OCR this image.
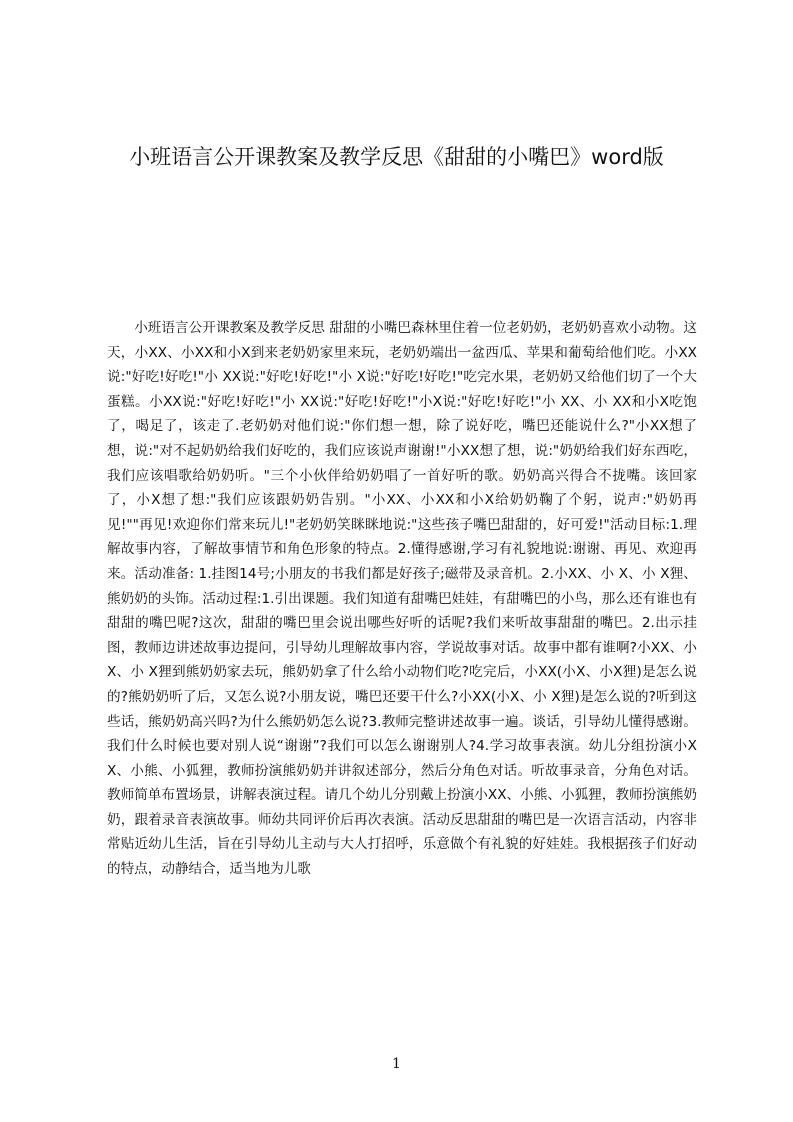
小班语言公开课教案及教学反思《甜甜的小嘴巴》word版

小班语言公开课教案及教学反思 甜甜的小嘴巴森林里住着一位老奶奶，老奶奶喜欢小动物。这天，小XX、小XX和小X到来老奶奶家里来玩，老奶奶端出一盆西瓜、苹果和葡萄给他们吃。小XX说:"好吃!好吃!"小 XX说:"好吃!好吃!"小 X说:"好吃!好吃!"吃完水果，老奶奶又给他们切了一个大蛋糕。小XX说:"好吃!好吃!"小 XX说:"好吃!好吃!"小X说:"好吃!好吃!"小 XX、小 XX和小X吃饱了，喝足了，该走了.老奶奶对他们说:"你们想一想，除了说好吃，嘴巴还能说什么?"小XX想了想，说:"对不起奶奶给我们好吃的，我们应该说声谢谢!"小XX想了想，说:"奶奶给我们好东西吃，我们应该唱歌给奶奶听。"三个小伙伴给奶奶唱了一首好听的歌。奶奶高兴得合不拢嘴。该回家了，小X想了想:"我们应该跟奶奶告别。"小XX、小XX和小X给奶奶鞠了个躬，说声:"奶奶再见!""再见!欢迎你们常来玩儿!"老奶奶笑眯眯地说:"这些孩子嘴巴甜甜的，好可爱!"活动目标:1.理解故事内容，了解故事情节和角色形象的特点。2.懂得感谢,学习有礼貌地说:谢谢、再见、欢迎再来。活动准备: 1.挂图14号;小朋友的书我们都是好孩子;磁带及录音机。2.小XX、小 X、小 X狸、熊奶奶的头饰。活动过程:1.引出课题。我们知道有甜嘴巴娃娃，有甜嘴巴的小鸟，那么还有谁也有甜甜的嘴巴呢?这次，甜甜的嘴巴里会说出哪些好听的话呢?我们来听故事甜甜的嘴巴。2.出示挂图，教师边讲述故事边提问，引导幼儿理解故事内容，学说故事对话。故事中都有谁啊?小XX、小 X、小 X狸到熊奶奶家去玩，熊奶奶拿了什么给小动物们吃?吃完后，小XX(小X、小X狸)是怎么说的?熊奶奶听了后，又怎么说?小朋友说，嘴巴还要干什么?小XX(小X、小 X狸)是怎么说的?听到这些话，熊奶奶高兴吗?为什么熊奶奶怎么说?3.教师完整讲述故事一遍。谈话，引导幼儿懂得感谢。我们什么时候也要对别人说“谢谢”?我们可以怎么谢谢别人?4.学习故事表演。幼儿分组扮演小XX、小熊、小狐狸，教师扮演熊奶奶并讲叙述部分，然后分角色对话。听故事录音，分角色对话。教师简单布置场景，讲解表演过程。请几个幼儿分别戴上扮演小XX、小熊、小狐狸，教师扮演熊奶奶，跟着录音表演故事。师幼共同评价后再次表演。活动反思甜甜的嘴巴是一次语言活动，内容非常贴近幼儿生活，旨在引导幼儿主动与大人打招呼，乐意做个有礼貌的好娃娃。我根据孩子们好动的特点，动静结合，适当地为儿歌

1
